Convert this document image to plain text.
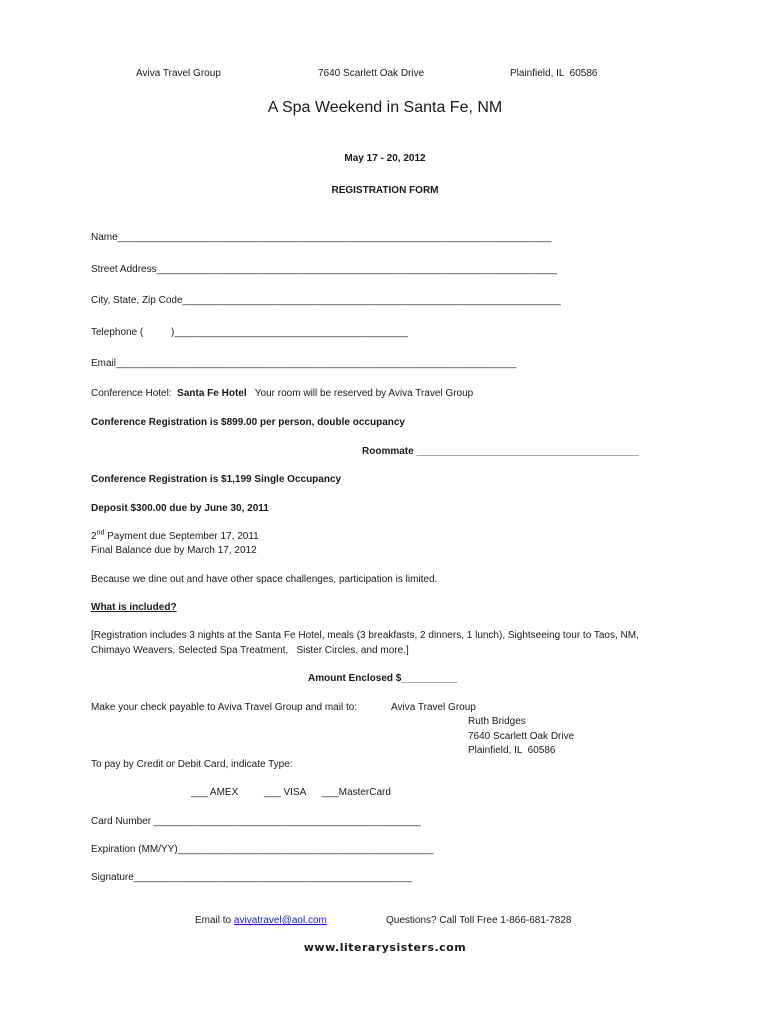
Aviva Travel Group	7640 Scarlett Oak Drive	Plainfield, IL  60586
A Spa Weekend in Santa Fe, NM
May 17 - 20, 2012
REGISTRATION FORM
Name______________________________________________________________________________
Street Address________________________________________________________________________
City, State, Zip Code____________________________________________________________________
Telephone (          )__________________________________________
Email________________________________________________________________________
Conference Hotel: Santa Fe Hotel Your room will be reserved by Aviva Travel Group
Conference Registration is $899.00 per person, double occupancy
Roommate ________________________________________
Conference Registration is $1,199 Single Occupancy
Deposit $300.00 due by June 30, 2011
2nd Payment due September 17, 2011
Final Balance due by March 17, 2012
Because we dine out and have other space challenges, participation is limited.
What is included?
[Registration includes 3 nights at the Santa Fe Hotel, meals (3 breakfasts, 2 dinners, 1 lunch), Sightseeing tour to Taos, NM,
Chimayo Weavers, Selected Spa Treatment,   Sister Circles, and more.]
Amount Enclosed $__________
Make your check payable to Aviva Travel Group and mail to:	Aviva Travel Group
Ruth Bridges
7640 Scarlett Oak Drive
Plainfield, IL  60586
To pay by Credit or Debit Card, indicate Type:
___ AMEX	___ VISA ___MasterCard
Card Number ________________________________________________
Expiration (MM/YY)______________________________________________
Signature__________________________________________________
Email to avivatravel@aol.com	Questions? Call Toll Free 1-866-681-7828
www.literarysisters.com
